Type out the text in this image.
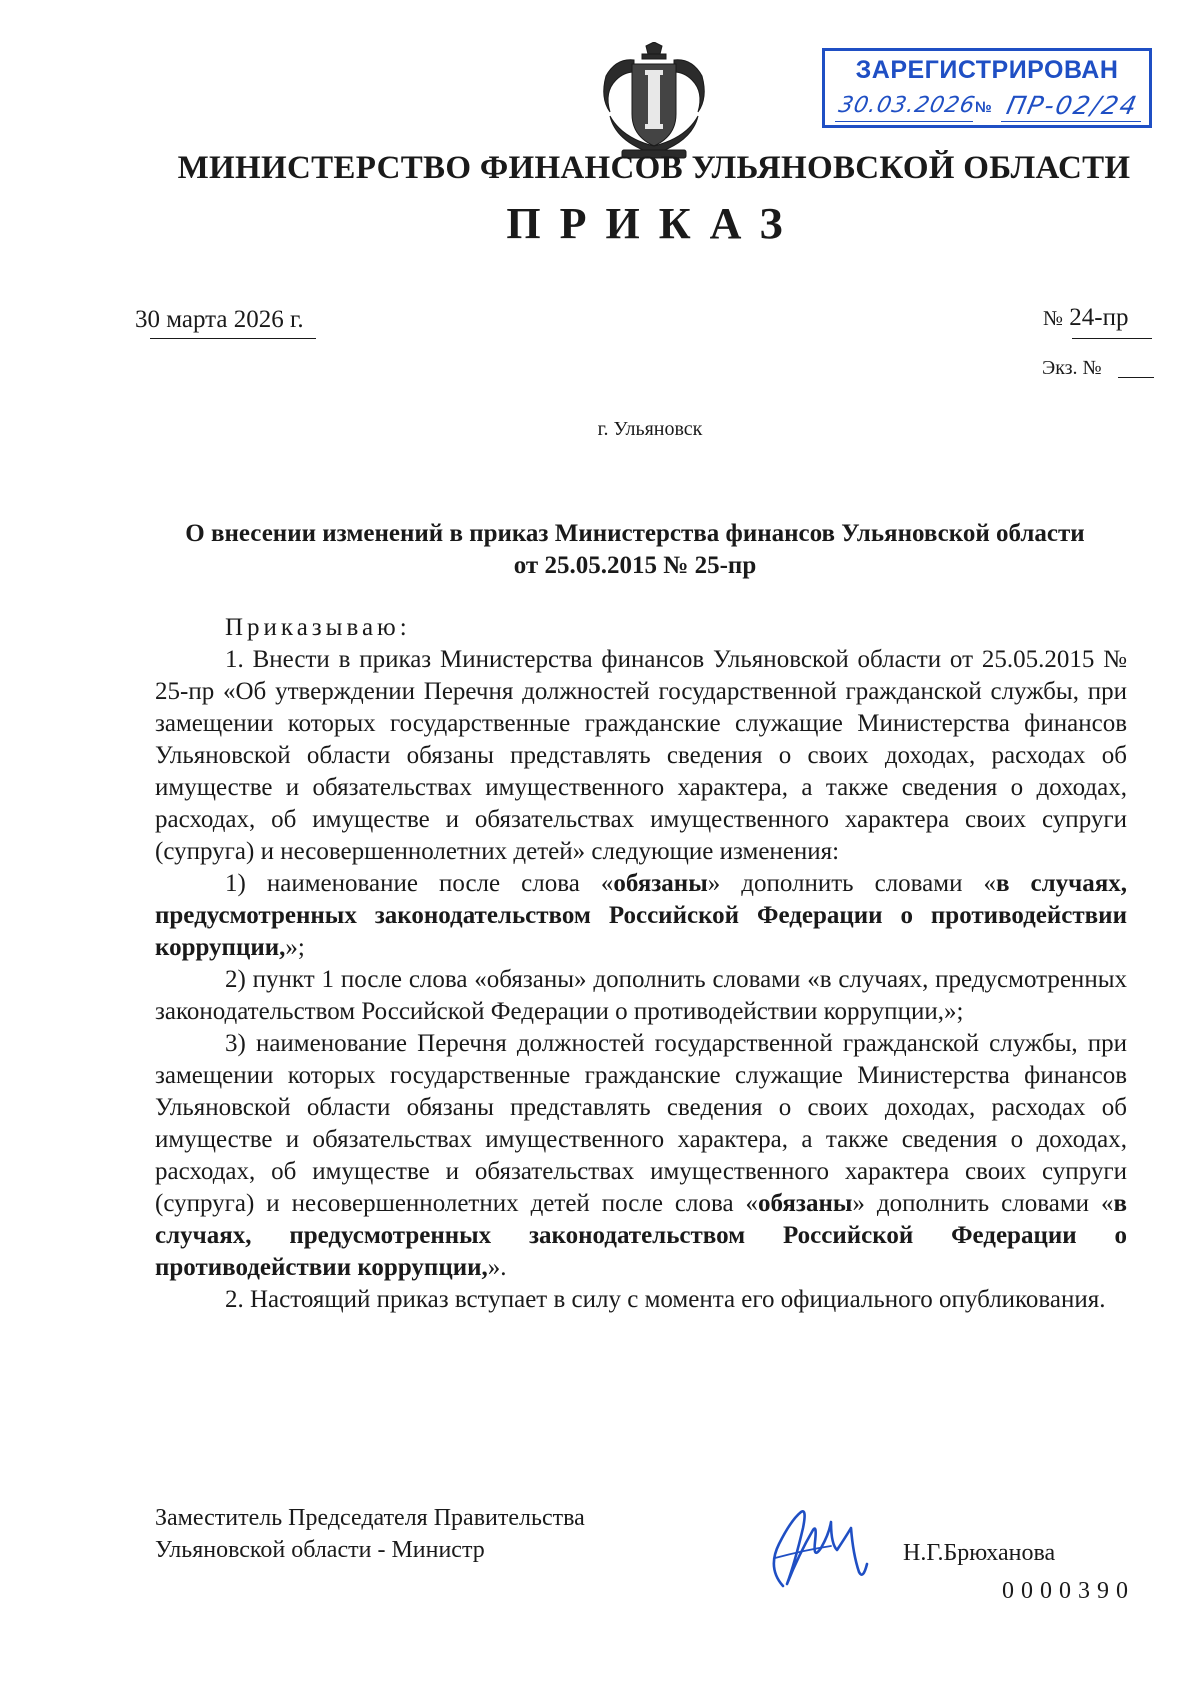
ЗАРЕГИСТРИРОВАН
30.03.2026
№ ПР-02/24
МИНИСТЕРСТВО ФИНАНСОВ УЛЬЯНОВСКОЙ ОБЛАСТИ
ПРИКАЗ
30 марта 2026 г.	№ 24-пр
Экз. №
г. Ульяновск
О внесении изменений в приказ Министерства финансов Ульяновской области от 25.05.2015 № 25-пр

Приказываю:

1. Внести в приказ Министерства финансов Ульяновской области от 25.05.2015 № 25-пр «Об утверждении Перечня должностей государственной гражданской службы, при замещении которых государственные гражданские служащие Министерства финансов Ульяновской области обязаны представлять сведения о своих доходах, расходах об имуществе и обязательствах имущественного характера, а также сведения о доходах, расходах, об имуществе и обязательствах имущественного характера своих супруги (супруга) и несовершеннолетних детей» следующие изменения:

1) наименование после слова «обязаны» дополнить словами «в случаях, предусмотренных законодательством Российской Федерации о противодействии коррупции,»;

2) пункт 1 после слова «обязаны» дополнить словами «в случаях, предусмотренных законодательством Российской Федерации о противодействии коррупции,»;

3) наименование Перечня должностей государственной гражданской службы, при замещении которых государственные гражданские служащие Министерства финансов Ульяновской области обязаны представлять сведения о своих доходах, расходах об имуществе и обязательствах имущественного характера, а также сведения о доходах, расходах, об имуществе и обязательствах имущественного характера своих супруги (супруга) и несовершеннолетних детей после слова «обязаны» дополнить словами «в случаях, предусмотренных законодательством Российской Федерации о противодействии коррупции,».

2. Настоящий приказ вступает в силу с момента его официального опубликования.

Заместитель Председателя Правительства
Ульяновской области - Министр	Н.Г.Брюханова
0000390
